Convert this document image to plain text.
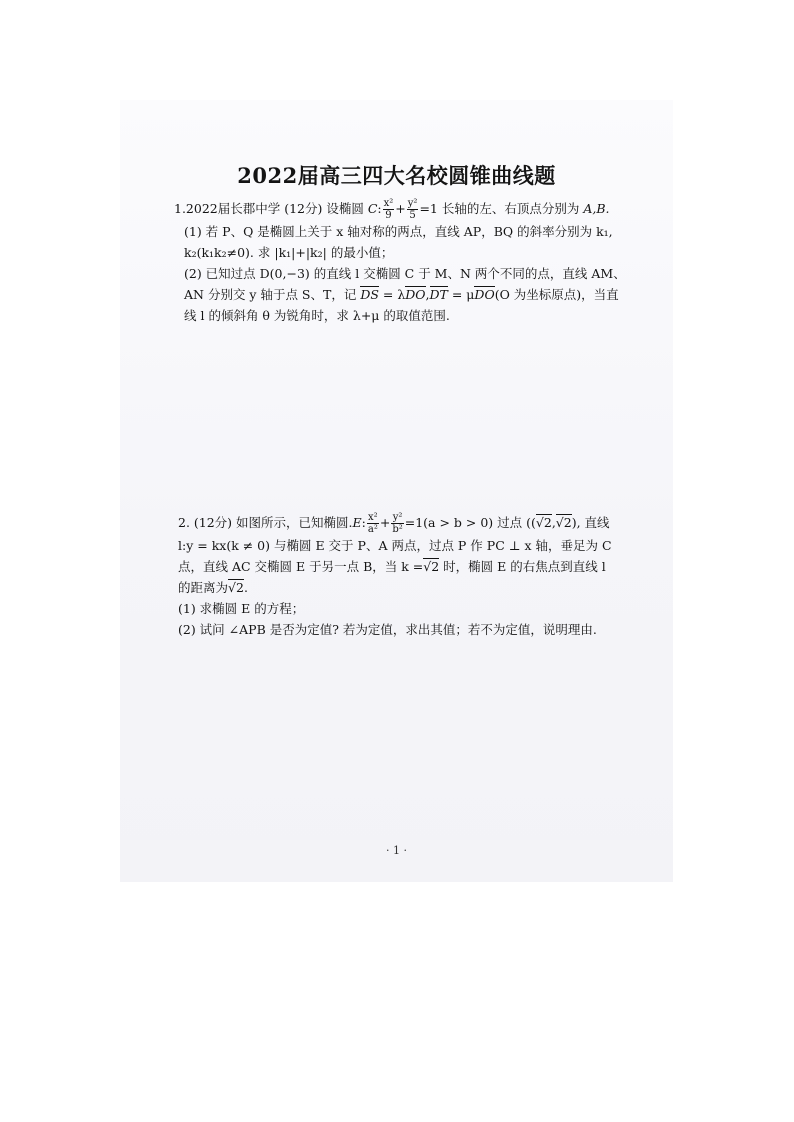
2022届高三四大名校圆锥曲线题
1.2022届长郡中学 (12分) 设椭圆 C: $\frac{\text{x²}}{9} + \frac{\text{y²}}{5} =1$ 长轴的左、右顶点分别为 A,B.
(1) 若 P、Q 是椭圆上关于 x 轴对称的两点，直线 AP，BQ 的斜率分别为 k₁,
k₂(k₁k₂≠0). 求 |k₁|+|k₂| 的最小值；
(2) 已知过点 D(0,−3) 的直线 l 交椭圆 C 于 M、N 两个不同的点，直线 AM、
AN 分别交 y 轴于点 S、T，记 DS = λDO,DT = μDO(O 为坐标原点)，当直
线 l 的倾斜角 θ 为锐角时，求 λ+μ 的取值范围.
2. (12分) 如图所示，已知椭圆.E: $\frac{\text{x²}}{\text{a²}} + \frac{\text{y²}}{\text{b²}} =1(a > b > 0)$ 过点 ((√2,√2), 直线
l:y = kx(k ≠ 0) 与椭圆 E 交于 P、A 两点，过点 P 作 PC ⊥ x 轴，垂足为 C
点，直线 AC 交椭圆 E 于另一点 B，当 k =√2 时，椭圆 E 的右焦点到直线 l
的距离为√2.
(1) 求椭圆 E 的方程；
(2) 试问 ∠APB 是否为定值? 若为定值，求出其值；若不为定值，说明理由.
· 1 ·
